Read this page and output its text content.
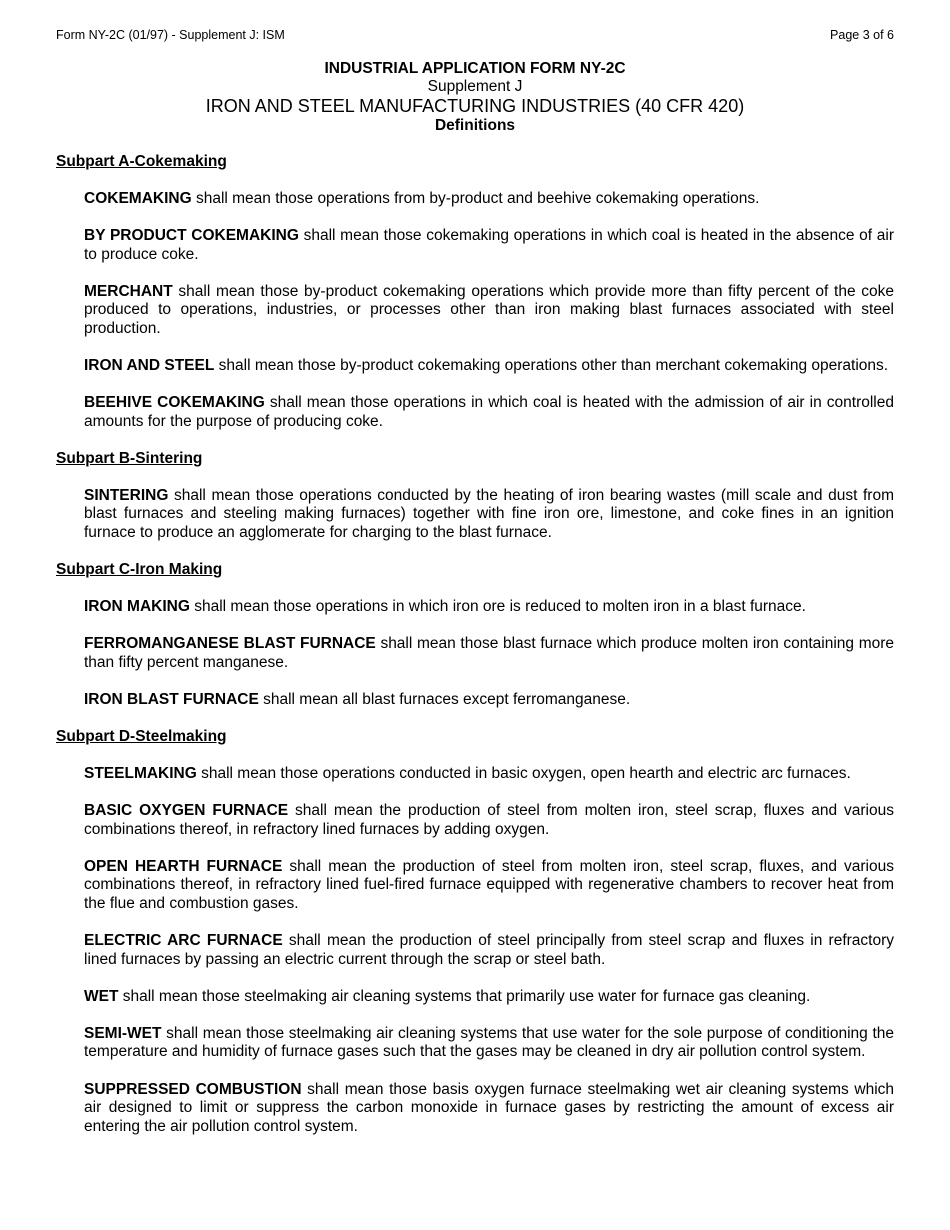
Form NY-2C (01/97) - Supplement J: ISM	Page 3 of 6
INDUSTRIAL APPLICATION FORM NY-2C
Supplement J
IRON AND STEEL MANUFACTURING INDUSTRIES (40 CFR 420)
Definitions
Subpart A-Cokemaking

COKEMAKING shall mean those operations from by-product and beehive cokemaking operations.

BY PRODUCT COKEMAKING shall mean those cokemaking operations in which coal is heated in the absence of air to produce coke.

MERCHANT shall mean those by-product cokemaking operations which provide more than fifty percent of the coke produced to operations, industries, or processes other than iron making blast furnaces associated with steel production.

IRON AND STEEL shall mean those by-product cokemaking operations other than merchant cokemaking operations.

BEEHIVE COKEMAKING shall mean those operations in which coal is heated with the admission of air in controlled amounts for the purpose of producing coke.

Subpart B-Sintering

SINTERING shall mean those operations conducted by the heating of iron bearing wastes (mill scale and dust from blast furnaces and steeling making furnaces) together with fine iron ore, limestone, and coke fines in an ignition furnace to produce an agglomerate for charging to the blast furnace.

Subpart C-Iron Making

IRON MAKING shall mean those operations in which iron ore is reduced to molten iron in a blast furnace.

FERROMANGANESE BLAST FURNACE shall mean those blast furnace which produce molten iron containing more than fifty percent manganese.

IRON BLAST FURNACE shall mean all blast furnaces except ferromanganese.

Subpart D-Steelmaking

STEELMAKING shall mean those operations conducted in basic oxygen, open hearth and electric arc furnaces.

BASIC OXYGEN FURNACE shall mean the production of steel from molten iron, steel scrap, fluxes and various combinations thereof, in refractory lined furnaces by adding oxygen.

OPEN HEARTH FURNACE shall mean the production of steel from molten iron, steel scrap, fluxes, and various combinations thereof, in refractory lined fuel-fired furnace equipped with regenerative chambers to recover heat from the flue and combustion gases.

ELECTRIC ARC FURNACE shall mean the production of steel principally from steel scrap and fluxes in refractory lined furnaces by passing an electric current through the scrap or steel bath.

WET shall mean those steelmaking air cleaning systems that primarily use water for furnace gas cleaning.

SEMI-WET shall mean those steelmaking air cleaning systems that use water for the sole purpose of conditioning the temperature and humidity of furnace gases such that the gases may be cleaned in dry air pollution control system.

SUPPRESSED COMBUSTION shall mean those basis oxygen furnace steelmaking wet air cleaning systems which air designed to limit or suppress the carbon monoxide in furnace gases by restricting the amount of excess air entering the air pollution control system.
